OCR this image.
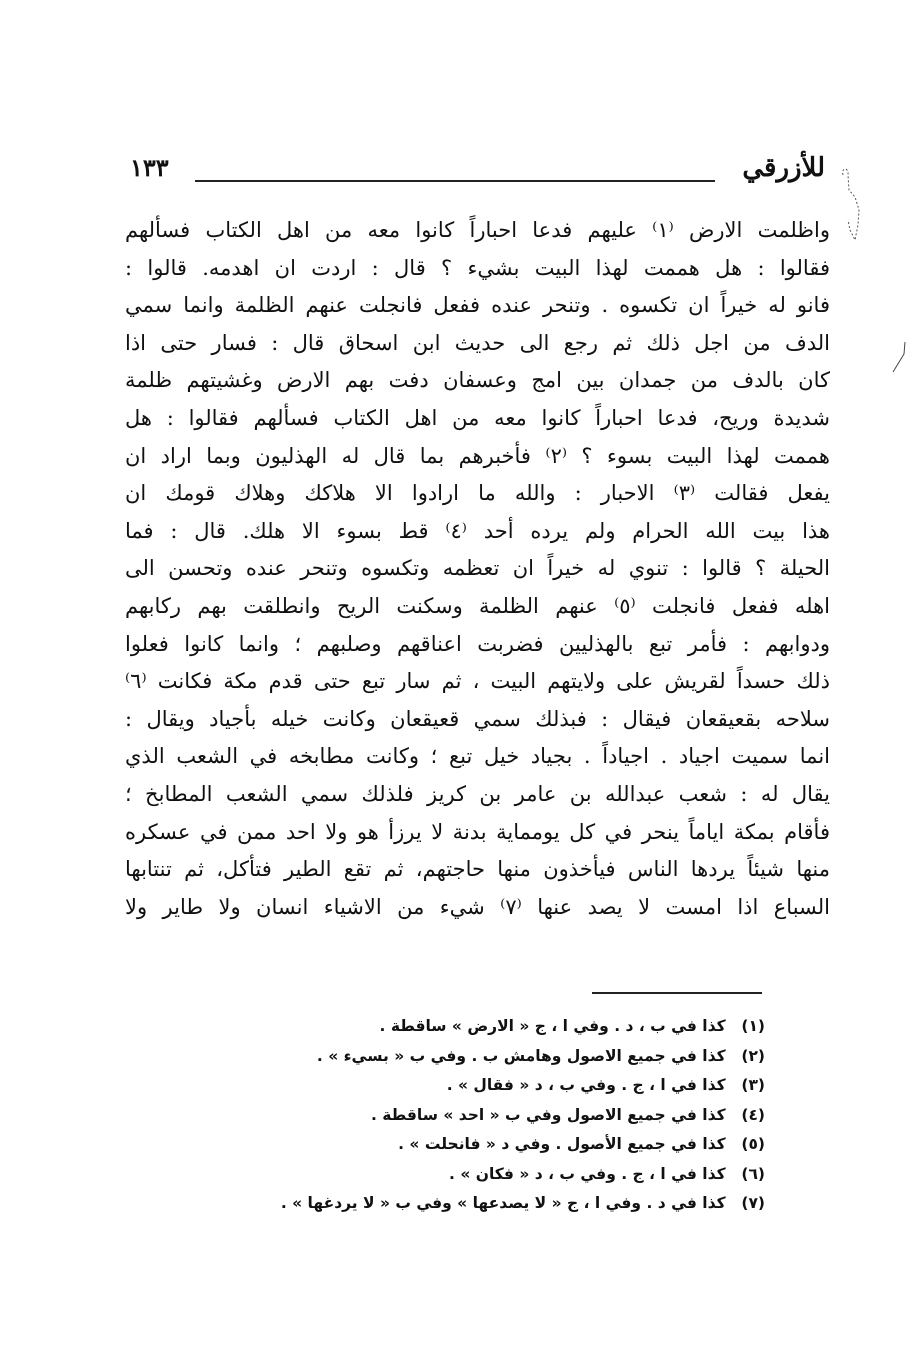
للأزرقي
١٣٣
واظلمت الارض ⁽١⁾ عليهم فدعا احباراً كانوا معه من اهل الكتاب فسألهم
فقالوا : هل هممت لهذا البيت بشيء ؟ قال : اردت ان اهدمه. قالوا :
فانو له خيراً ان تكسوه . وتنحر عنده ففعل فانجلت عنهم الظلمة وانما سمي
الدف من اجل ذلك ثم رجع الى حديث ابن اسحاق قال : فسار حتى اذا
كان بالدف من جمدان بين امج وعسفان دفت بهم الارض وغشيتهم ظلمة
شديدة وريح، فدعا احباراً كانوا معه من اهل الكتاب فسألهم فقالوا : هل
هممت لهذا البيت بسوء ؟ ⁽٢⁾ فأخبرهم بما قال له الهذليون وبما اراد ان
يفعل فقالت ⁽٣⁾ الاحبار : والله ما ارادوا الا هلاكك وهلاك قومك ان
هذا بيت الله الحرام ولم يرده أحد ⁽٤⁾ قط بسوء الا هلك. قال : فما
الحيلة ؟ قالوا : تنوي له خيراً ان تعظمه وتكسوه وتنحر عنده وتحسن الى
اهله ففعل فانجلت ⁽٥⁾ عنهم الظلمة وسكنت الريح وانطلقت بهم ركابهم
ودوابهم : فأمر تبع بالهذليين فضربت اعناقهم وصلبهم ؛ وانما كانوا فعلوا
ذلك حسداً لقريش على ولايتهم البيت ، ثم سار تبع حتى قدم مكة فكانت ⁽٦⁾
سلاحه بقعيقعان فيقال : فبذلك سمي قعيقعان وكانت خيله بأجياد ويقال :
انما سميت اجياد . اجياداً . بجياد خيل تبع ؛ وكانت مطابخه في الشعب الذي
يقال له : شعب عبدالله بن عامر بن كريز فلذلك سمي الشعب المطابخ ؛
فأقام بمكة اياماً ينحر في كل يومماية بدنة لا يرزأ هو ولا احد ممن في عسكره
منها شيئاً يردها الناس فيأخذون منها حاجتهم، ثم تقع الطير فتأكل، ثم تنتابها
السباع اذا امست لا يصد عنها ⁽٧⁾ شيء من الاشياء انسان ولا طاير ولا
(١) كذا في ب ، د . وفي ا ، ج « الارض » ساقطة .
(٢) كذا في جميع الاصول وهامش ب . وفي ب « بسيء » .
(٣) كذا في ا ، ج . وفي ب ، د « فقال » .
(٤) كذا في جميع الاصول وفي ب « احد » ساقطة .
(٥) كذا في جميع الأصول . وفي د « فانحلت » .
(٦) كذا في ا ، ج . وفي ب ، د « فكان » .
(٧) كذا في د . وفي ا ، ج « لا يصدعها » وفي ب « لا يردغها » .
